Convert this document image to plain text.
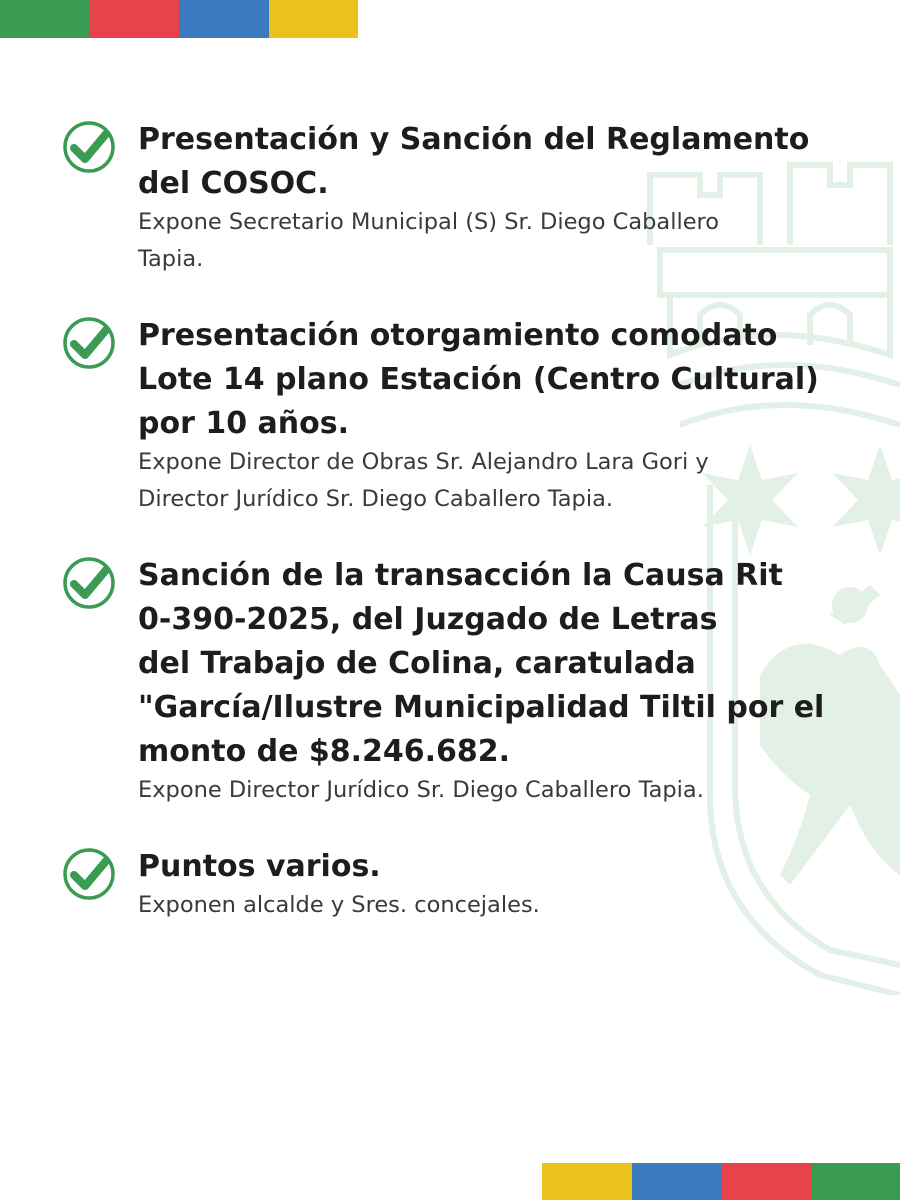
Presentación y Sanción del Reglamento
del COSOC.
Expone Secretario Municipal (S) Sr. Diego Caballero
Tapia.
Presentación otorgamiento comodato
Lote 14 plano Estación (Centro Cultural)
por 10 años.
Expone Director de Obras Sr. Alejandro Lara Gori y
Director Jurídico Sr. Diego Caballero Tapia.
Sanción de la transacción la Causa Rit
0-390-2025, del Juzgado de Letras
del Trabajo de Colina, caratulada
"García/Ilustre Municipalidad Tiltil por el
monto de $8.246.682.
Expone Director Jurídico Sr. Diego Caballero Tapia.
Puntos varios.
Exponen alcalde y Sres. concejales.
